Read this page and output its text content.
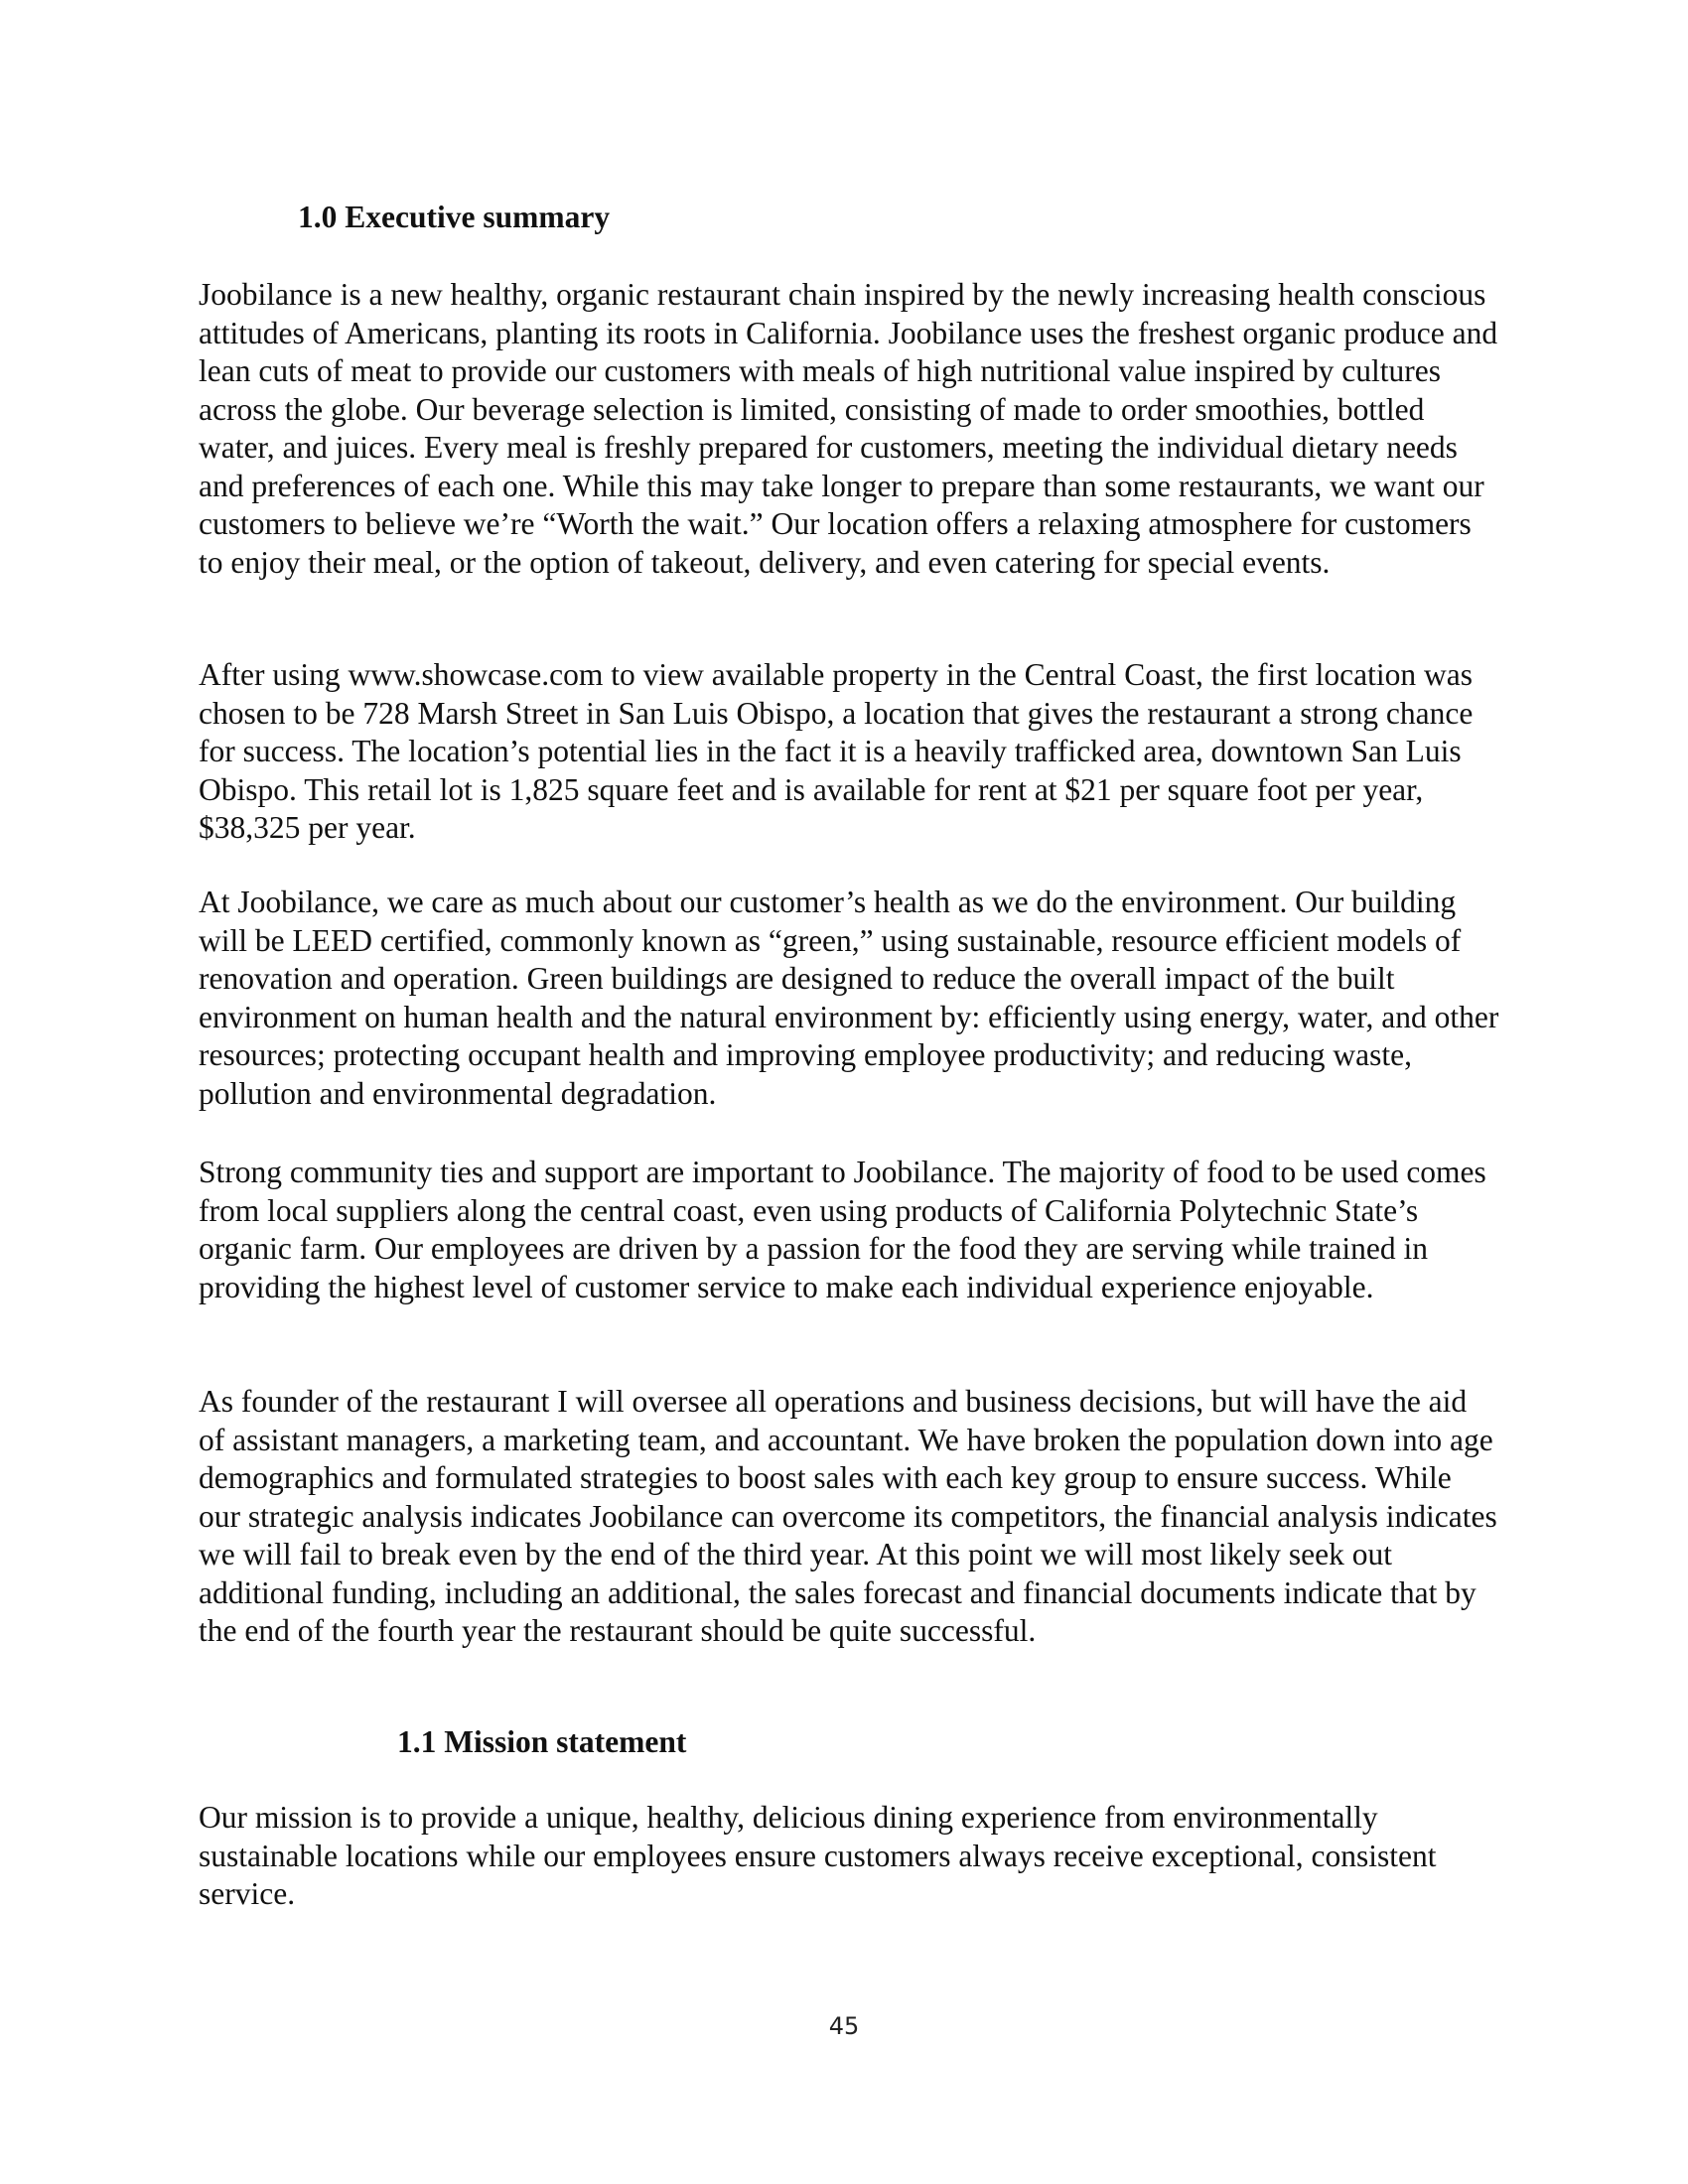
1.0 Executive summary

Joobilance is a new healthy, organic restaurant chain inspired by the newly increasing health conscious attitudes of Americans, planting its roots in California. Joobilance uses the freshest organic produce and lean cuts of meat to provide our customers with meals of high nutritional value inspired by cultures across the globe. Our beverage selection is limited, consisting of made to order smoothies, bottled water, and juices. Every meal is freshly prepared for customers, meeting the individual dietary needs and preferences of each one. While this may take longer to prepare than some restaurants, we want our customers to believe we’re “Worth the wait.” Our location offers a relaxing atmosphere for customers to enjoy their meal, or the option of takeout, delivery, and even catering for special events.

After using www.showcase.com to view available property in the Central Coast, the first location was chosen to be 728 Marsh Street in San Luis Obispo, a location that gives the restaurant a strong chance for success. The location’s potential lies in the fact it is a heavily trafficked area, downtown San Luis Obispo. This retail lot is 1,825 square feet and is available for rent at $21 per square foot per year, $38,325 per year.

At Joobilance, we care as much about our customer’s health as we do the environment. Our building will be LEED certified, commonly known as “green,” using sustainable, resource efficient models of renovation and operation. Green buildings are designed to reduce the overall impact of the built environment on human health and the natural environment by: efficiently using energy, water, and other resources; protecting occupant health and improving employee productivity; and reducing waste, pollution and environmental degradation.

Strong community ties and support are important to Joobilance. The majority of food to be used comes from local suppliers along the central coast, even using products of California Polytechnic State’s organic farm. Our employees are driven by a passion for the food they are serving while trained in providing the highest level of customer service to make each individual experience enjoyable.

As founder of the restaurant I will oversee all operations and business decisions, but will have the aid of assistant managers, a marketing team, and accountant. We have broken the population down into age demographics and formulated strategies to boost sales with each key group to ensure success. While our strategic analysis indicates Joobilance can overcome its competitors, the financial analysis indicates we will fail to break even by the end of the third year. At this point we will most likely seek out additional funding, including an additional, the sales forecast and financial documents indicate that by the end of the fourth year the restaurant should be quite successful.

1.1 Mission statement

Our mission is to provide a unique, healthy, delicious dining experience from environmentally sustainable locations while our employees ensure customers always receive exceptional, consistent service.

45
